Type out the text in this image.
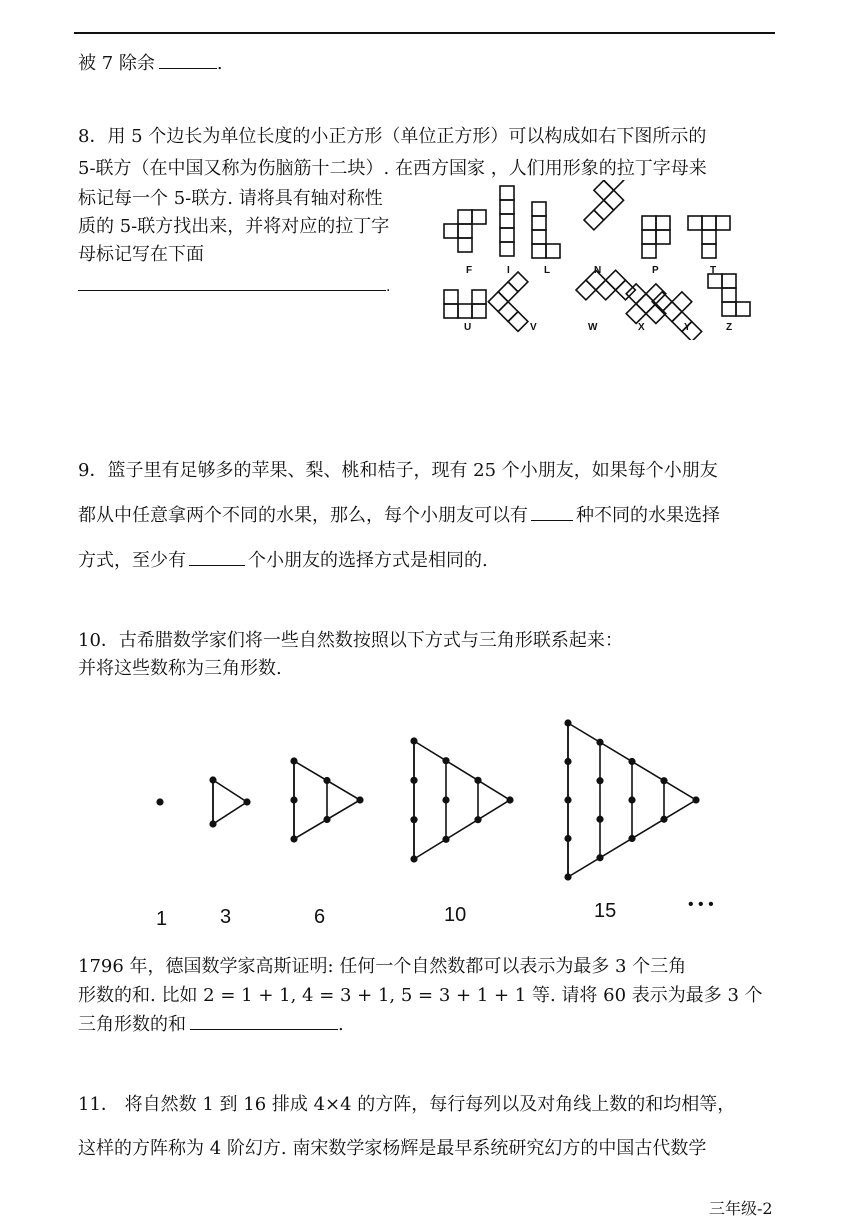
被 7 除余	.
8．用 5 个边长为单位长度的小正方形（单位正方形）可以构成如右下图所示的
5-联方（在中国又称为伤脑筋十二块）. 在西方国家 ，人们用形象的拉丁字母来
标记每一个 5-联方. 请将具有轴对称性
质的 5-联方找出来，并将对应的拉丁字
母标记写在下面
.
F	I	L	N	P	T
U	V	W	X	Y	Z
9．篮子里有足够多的苹果、梨、桃和桔子，现有 25 个小朋友，如果每个小朋友
都从中任意拿两个不同的水果，那么，每个小朋友可以有	种不同的水果选择
方式，至少有	个小朋友的选择方式是相同的.
10．古希腊数学家们将一些自然数按照以下方式与三角形联系起来：
并将这些数称为三角形数.
1	3	6	10	15	• • •
1796 年，德国数学家高斯证明: 任何一个自然数都可以表示为最多 3 个三角
形数的和. 比如 2 = 1 + 1, 4 = 3 + 1, 5 = 3 + 1 + 1 等. 请将 60 表示为最多 3 个
三角形数的和	.
11． 将自然数 1 到 16 排成 4×4 的方阵，每行每列以及对角线上数的和均相等，
这样的方阵称为 4 阶幻方. 南宋数学家杨辉是最早系统研究幻方的中国古代数学
三年级-2
